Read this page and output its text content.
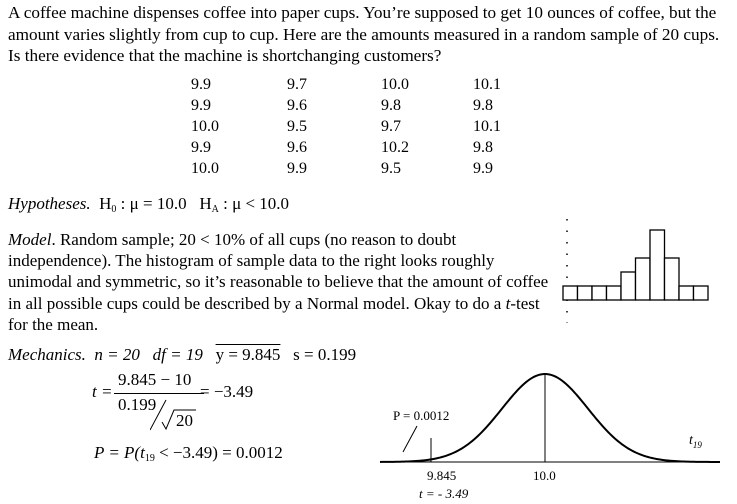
A coffee machine dispenses coffee into paper cups. You’re supposed to get 10 ounces of coffee, but the amount varies slightly from cup to cup. Here are the amounts measured in a random sample of 20 cups. Is there evidence that the machine is shortchanging customers?
9.9
9.9
10.0
9.9
10.0
9.7
9.6
9.5
9.6
9.9
10.0
9.8
9.7
10.2
9.5
10.1
9.8
10.1
9.8
9.9
Hypotheses. $H_0$ : μ = 10.0 $H_A$ : μ < 10.0
Model. Random sample; 20 < 10% of all cups (no reason to doubt independence). The histogram of sample data to the right looks roughly unimodal and symmetric, so it’s reasonable to believe that the amount of coffee in all possible cups could be described by a Normal model. Okay to do a t-test for the mean.
Mechanics. n = 20 df = 19 y = 9.845 s = 0.199
t =
9.845 − 10
0.199
20
= −3.49
$P = P(t_{19} < -3.49) = 0.0012$
P = 0.0012
$t_{19}$
9.845
t = - 3.49
10.0
